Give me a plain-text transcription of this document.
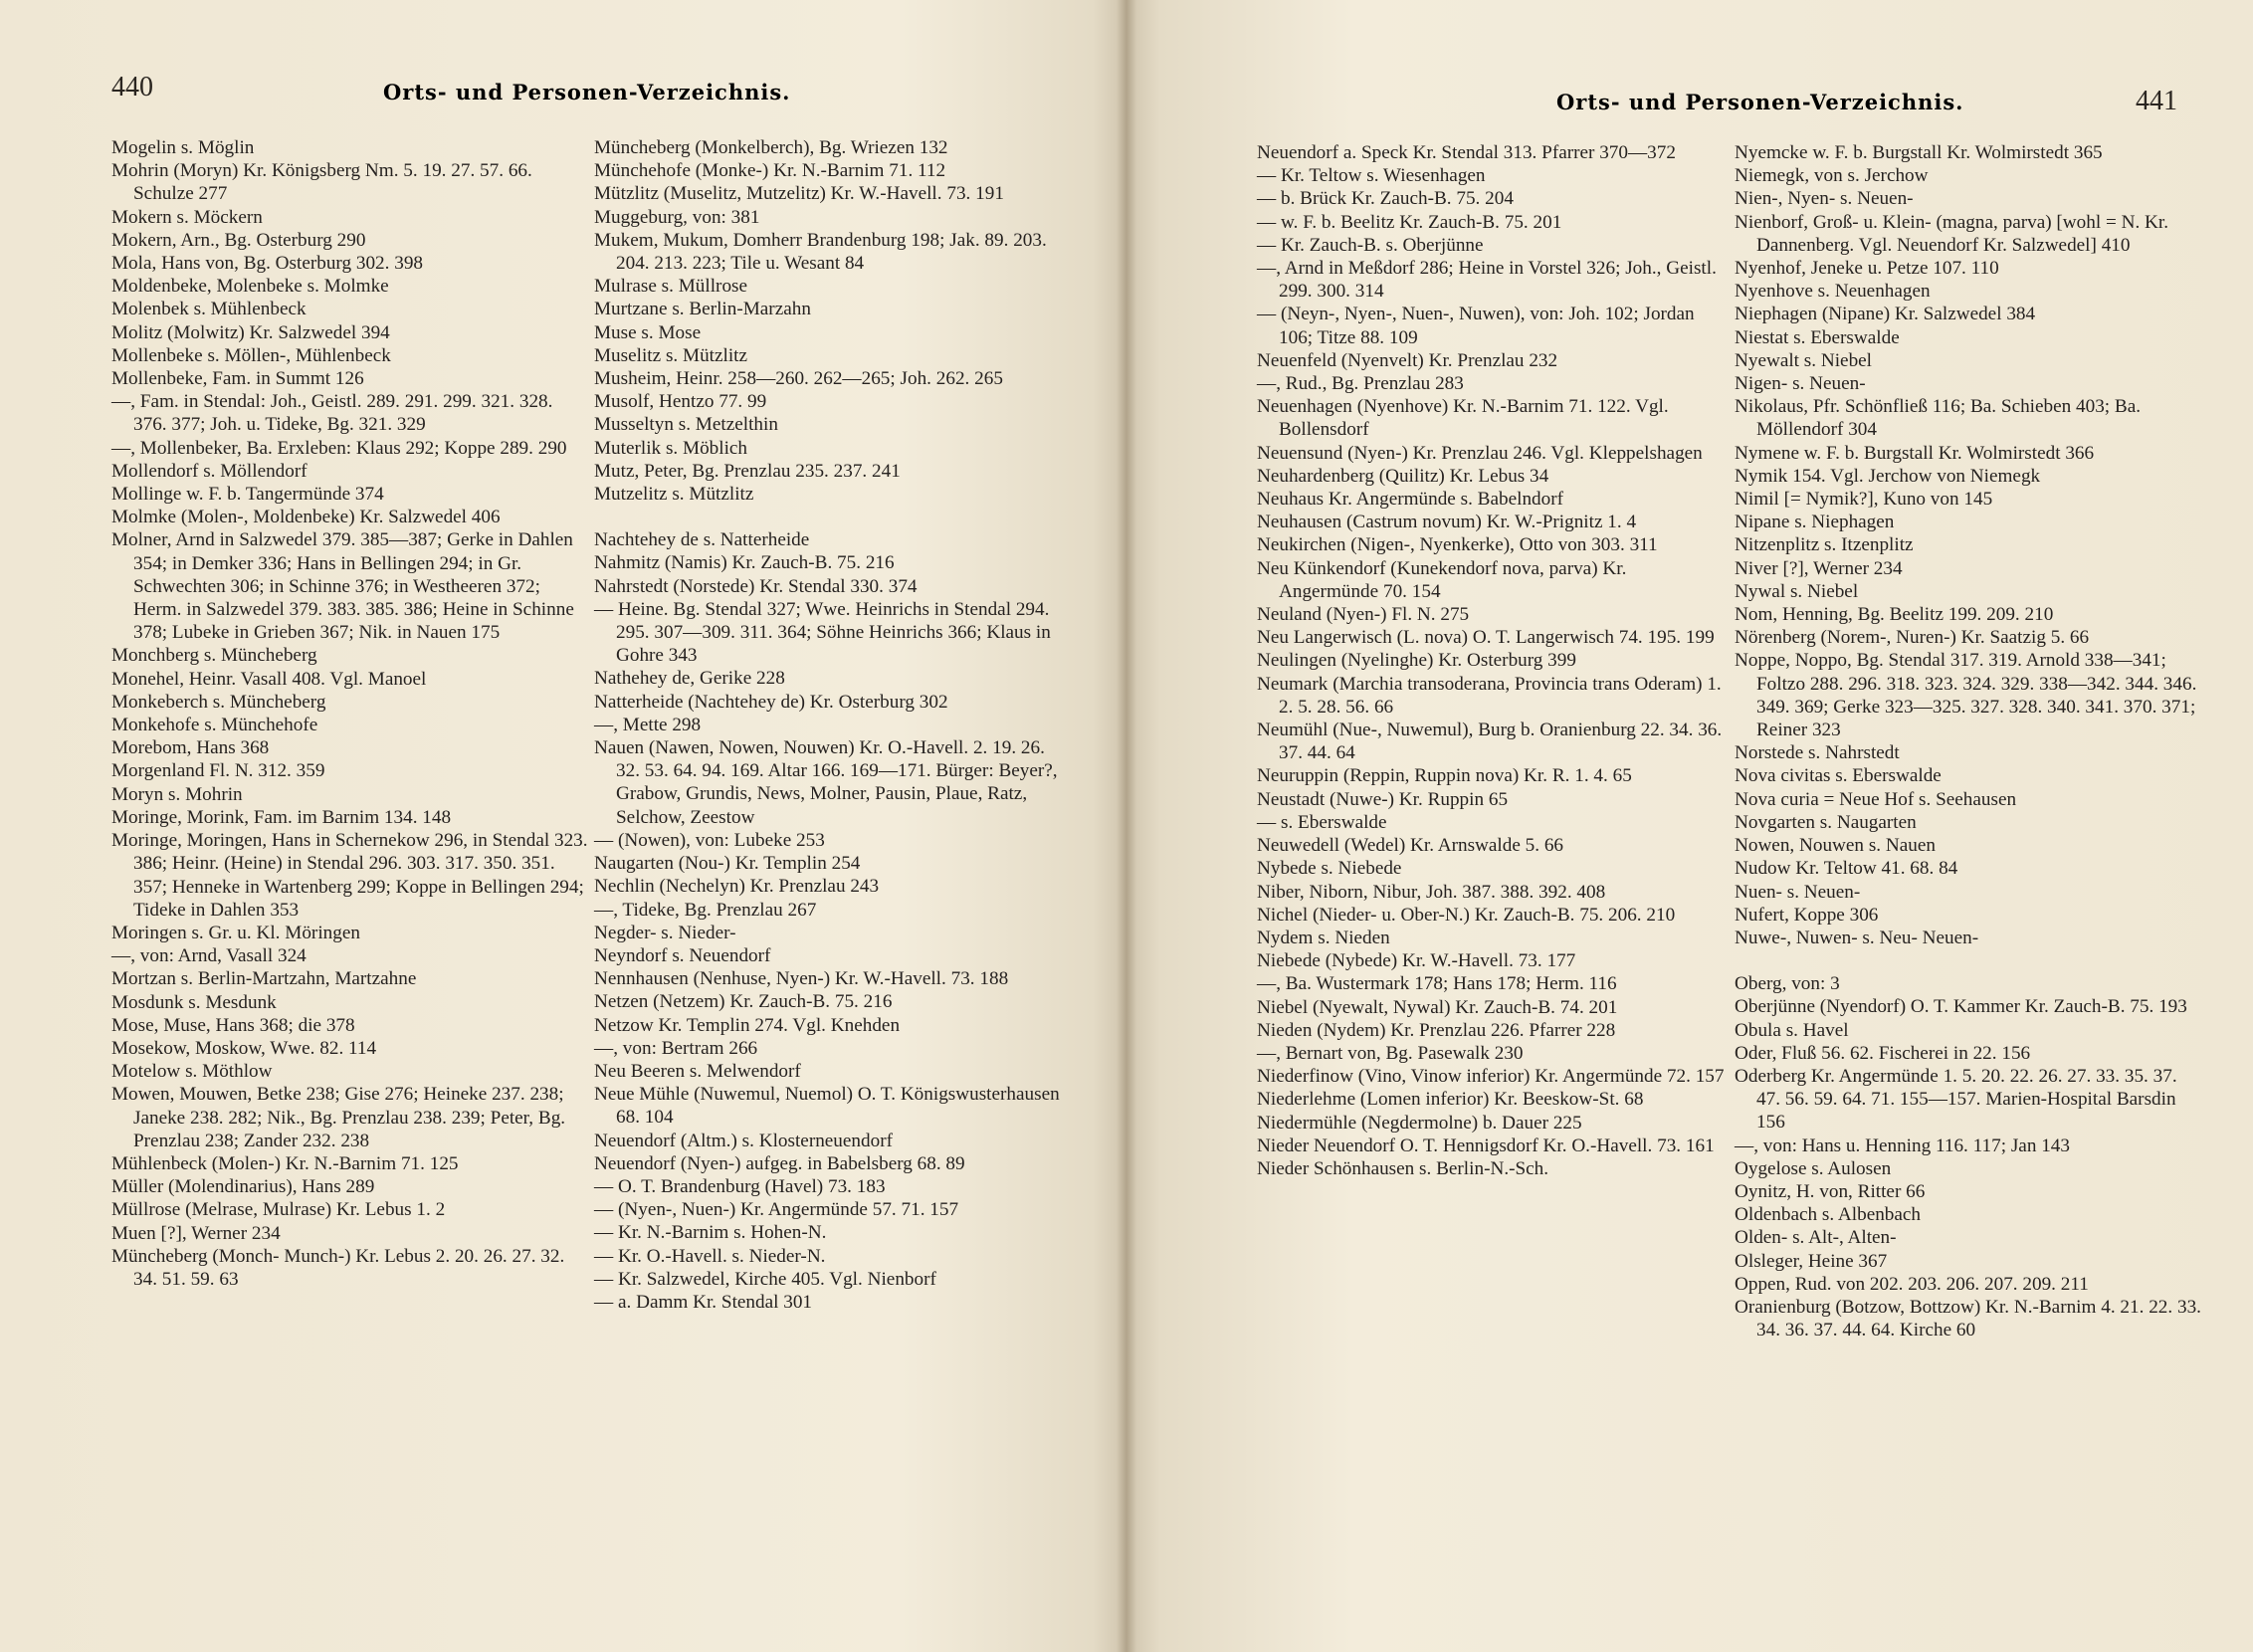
440	Orts- und Personen-Verzeichnis.
Mogelin s. Möglin
Mohrin (Moryn) Kr. Königsberg Nm. 5. 19. 27. 57. 66. Schulze 277
Mokern s. Möckern
Mokern, Arn., Bg. Osterburg 290
Mola, Hans von, Bg. Osterburg 302. 398
Moldenbeke, Molenbeke s. Molmke
Molenbek s. Mühlenbeck
Molitz (Molwitz) Kr. Salzwedel 394
Mollenbeke s. Möllen-, Mühlenbeck
Mollenbeke, Fam. in Summt 126
—, Fam. in Stendal: Joh., Geistl. 289. 291. 299. 321. 328. 376. 377; Joh. u. Tideke, Bg. 321. 329
—, Mollenbeker, Ba. Erxleben: Klaus 292; Koppe 289. 290
Mollendorf s. Möllendorf
Mollinge w. F. b. Tangermünde 374
Molmke (Molen-, Moldenbeke) Kr. Salzwedel 406
Molner, Arnd in Salzwedel 379. 385—387; Gerke in Dahlen 354; in Demker 336; Hans in Bellingen 294; in Gr. Schwechten 306; in Schinne 376; in Westheeren 372; Herm. in Salzwedel 379. 383. 385. 386; Heine in Schinne 378; Lubeke in Grieben 367; Nik. in Nauen 175
Monchberg s. Müncheberg
Monehel, Heinr. Vasall 408. Vgl. Manoel
Monkeberch s. Müncheberg
Monkehofe s. Münchehofe
Morebom, Hans 368
Morgenland Fl. N. 312. 359
Moryn s. Mohrin
Moringe, Morink, Fam. im Barnim 134. 148
Moringe, Moringen, Hans in Schernekow 296, in Stendal 323. 386; Heinr. (Heine) in Stendal 296. 303. 317. 350. 351. 357; Henneke in Wartenberg 299; Koppe in Bellingen 294; Tideke in Dahlen 353
Moringen s. Gr. u. Kl. Möringen
—, von: Arnd, Vasall 324
Mortzan s. Berlin-Martzahn, Martzahne
Mosdunk s. Mesdunk
Mose, Muse, Hans 368; die 378
Mosekow, Moskow, Wwe. 82. 114
Motelow s. Möthlow
Mowen, Mouwen, Betke 238; Gise 276; Heineke 237. 238; Janeke 238. 282; Nik., Bg. Prenzlau 238. 239; Peter, Bg. Prenzlau 238; Zander 232. 238
Mühlenbeck (Molen-) Kr. N.-Barnim 71. 125
Müller (Molendinarius), Hans 289
Müllrose (Melrase, Mulrase) Kr. Lebus 1. 2
Muen [?], Werner 234
Müncheberg (Monch- Munch-) Kr. Lebus 2. 20. 26. 27. 32. 34. 51. 59. 63
Müncheberg (Monkelberch), Bg. Wriezen 132
Münchehofe (Monke-) Kr. N.-Barnim 71. 112
Mützlitz (Muselitz, Mutzelitz) Kr. W.-Havell. 73. 191
Muggeburg, von: 381
Mukem, Mukum, Domherr Brandenburg 198; Jak. 89. 203. 204. 213. 223; Tile u. Wesant 84
Mulrase s. Müllrose
Murtzane s. Berlin-Marzahn
Muse s. Mose
Muselitz s. Mützlitz
Musheim, Heinr. 258—260. 262—265; Joh. 262. 265
Musolf, Hentzo 77. 99
Musseltyn s. Metzelthin
Muterlik s. Möblich
Mutz, Peter, Bg. Prenzlau 235. 237. 241
Mutzelitz s. Mützlitz
Nachtehey de s. Natterheide
Nahmitz (Namis) Kr. Zauch-B. 75. 216
Nahrstedt (Norstede) Kr. Stendal 330. 374
— Heine. Bg. Stendal 327; Wwe. Heinrichs in Stendal 294. 295. 307—309. 311. 364; Söhne Heinrichs 366; Klaus in Gohre 343
Nathehey de, Gerike 228
Natterheide (Nachtehey de) Kr. Osterburg 302
—, Mette 298
Nauen (Nawen, Nowen, Nouwen) Kr. O.-Havell. 2. 19. 26. 32. 53. 64. 94. 169. Altar 166. 169—171. Bürger: Beyer?, Grabow, Grundis, News, Molner, Pausin, Plaue, Ratz, Selchow, Zeestow
— (Nowen), von: Lubeke 253
Naugarten (Nou-) Kr. Templin 254
Nechlin (Nechelyn) Kr. Prenzlau 243
—, Tideke, Bg. Prenzlau 267
Negder- s. Nieder-
Neyndorf s. Neuendorf
Nennhausen (Nenhuse, Nyen-) Kr. W.-Havell. 73. 188
Netzen (Netzem) Kr. Zauch-B. 75. 216
Netzow Kr. Templin 274. Vgl. Knehden
—, von: Bertram 266
Neu Beeren s. Melwendorf
Neue Mühle (Nuwemul, Nuemol) O. T. Königswusterhausen 68. 104
Neuendorf (Altm.) s. Klosterneuendorf
Neuendorf (Nyen-) aufgeg. in Babelsberg 68. 89
— O. T. Brandenburg (Havel) 73. 183
— (Nyen-, Nuen-) Kr. Angermünde 57. 71. 157
— Kr. N.-Barnim s. Hohen-N.
— Kr. O.-Havell. s. Nieder-N.
— Kr. Salzwedel, Kirche 405. Vgl. Nienborf
— a. Damm Kr. Stendal 301
Orts- und Personen-Verzeichnis.	441
Neuendorf a. Speck Kr. Stendal 313. Pfarrer 370—372
— Kr. Teltow s. Wiesenhagen
— b. Brück Kr. Zauch-B. 75. 204
— w. F. b. Beelitz Kr. Zauch-B. 75. 201
— Kr. Zauch-B. s. Oberjünne
—, Arnd in Meßdorf 286; Heine in Vorstel 326; Joh., Geistl. 299. 300. 314
— (Neyn-, Nyen-, Nuen-, Nuwen), von: Joh. 102; Jordan 106; Titze 88. 109
Neuenfeld (Nyenvelt) Kr. Prenzlau 232
—, Rud., Bg. Prenzlau 283
Neuenhagen (Nyenhove) Kr. N.-Barnim 71. 122. Vgl. Bollensdorf
Neuensund (Nyen-) Kr. Prenzlau 246. Vgl. Kleppelshagen
Neuhardenberg (Quilitz) Kr. Lebus 34
Neuhaus Kr. Angermünde s. Babelndorf
Neuhausen (Castrum novum) Kr. W.-Prignitz 1. 4
Neukirchen (Nigen-, Nyenkerke), Otto von 303. 311
Neu Künkendorf (Kunekendorf nova, parva) Kr. Angermünde 70. 154
Neuland (Nyen-) Fl. N. 275
Neu Langerwisch (L. nova) O. T. Langerwisch 74. 195. 199
Neulingen (Nyelinghe) Kr. Osterburg 399
Neumark (Marchia transoderana, Provincia trans Oderam) 1. 2. 5. 28. 56. 66
Neumühl (Nue-, Nuwemul), Burg b. Oranienburg 22. 34. 36. 37. 44. 64
Neuruppin (Reppin, Ruppin nova) Kr. R. 1. 4. 65
Neustadt (Nuwe-) Kr. Ruppin 65
— s. Eberswalde
Neuwedell (Wedel) Kr. Arnswalde 5. 66
Nybede s. Niebede
Niber, Niborn, Nibur, Joh. 387. 388. 392. 408
Nichel (Nieder- u. Ober-N.) Kr. Zauch-B. 75. 206. 210
Nydem s. Nieden
Niebede (Nybede) Kr. W.-Havell. 73. 177
—, Ba. Wustermark 178; Hans 178; Herm. 116
Niebel (Nyewalt, Nywal) Kr. Zauch-B. 74. 201
Nieden (Nydem) Kr. Prenzlau 226. Pfarrer 228
—, Bernart von, Bg. Pasewalk 230
Niederfinow (Vino, Vinow inferior) Kr. Angermünde 72. 157
Niederlehme (Lomen inferior) Kr. Beeskow-St. 68
Niedermühle (Negdermolne) b. Dauer 225
Nieder Neuendorf O. T. Hennigsdorf Kr. O.-Havell. 73. 161
Nieder Schönhausen s. Berlin-N.-Sch.
Nyemcke w. F. b. Burgstall Kr. Wolmirstedt 365
Niemegk, von s. Jerchow
Nien-, Nyen- s. Neuen-
Nienborf, Groß- u. Klein- (magna, parva) [wohl = N. Kr. Dannenberg. Vgl. Neuendorf Kr. Salzwedel] 410
Nyenhof, Jeneke u. Petze 107. 110
Nyenhove s. Neuenhagen
Niephagen (Nipane) Kr. Salzwedel 384
Niestat s. Eberswalde
Nyewalt s. Niebel
Nigen- s. Neuen-
Nikolaus, Pfr. Schönfließ 116; Ba. Schieben 403; Ba. Möllendorf 304
Nymene w. F. b. Burgstall Kr. Wolmirstedt 366
Nymik 154. Vgl. Jerchow von Niemegk
Nimil [= Nymik?], Kuno von 145
Nipane s. Niephagen
Nitzenplitz s. Itzenplitz
Niver [?], Werner 234
Nywal s. Niebel
Nom, Henning, Bg. Beelitz 199. 209. 210
Nörenberg (Norem-, Nuren-) Kr. Saatzig 5. 66
Noppe, Noppo, Bg. Stendal 317. 319. Arnold 338—341; Foltzo 288. 296. 318. 323. 324. 329. 338—342. 344. 346. 349. 369; Gerke 323—325. 327. 328. 340. 341. 370. 371; Reiner 323
Norstede s. Nahrstedt
Nova civitas s. Eberswalde
Nova curia = Neue Hof s. Seehausen
Novgarten s. Naugarten
Nowen, Nouwen s. Nauen
Nudow Kr. Teltow 41. 68. 84
Nuen- s. Neuen-
Nufert, Koppe 306
Nuwe-, Nuwen- s. Neu- Neuen-
Oberg, von: 3
Oberjünne (Nyendorf) O. T. Kammer Kr. Zauch-B. 75. 193
Obula s. Havel
Oder, Fluß 56. 62. Fischerei in 22. 156
Oderberg Kr. Angermünde 1. 5. 20. 22. 26. 27. 33. 35. 37. 47. 56. 59. 64. 71. 155—157. Marien-Hospital Barsdin 156
—, von: Hans u. Henning 116. 117; Jan 143
Oygelose s. Aulosen
Oynitz, H. von, Ritter 66
Oldenbach s. Albenbach
Olden- s. Alt-, Alten-
Olsleger, Heine 367
Oppen, Rud. von 202. 203. 206. 207. 209. 211
Oranienburg (Botzow, Bottzow) Kr. N.-Barnim 4. 21. 22. 33. 34. 36. 37. 44. 64. Kirche 60
